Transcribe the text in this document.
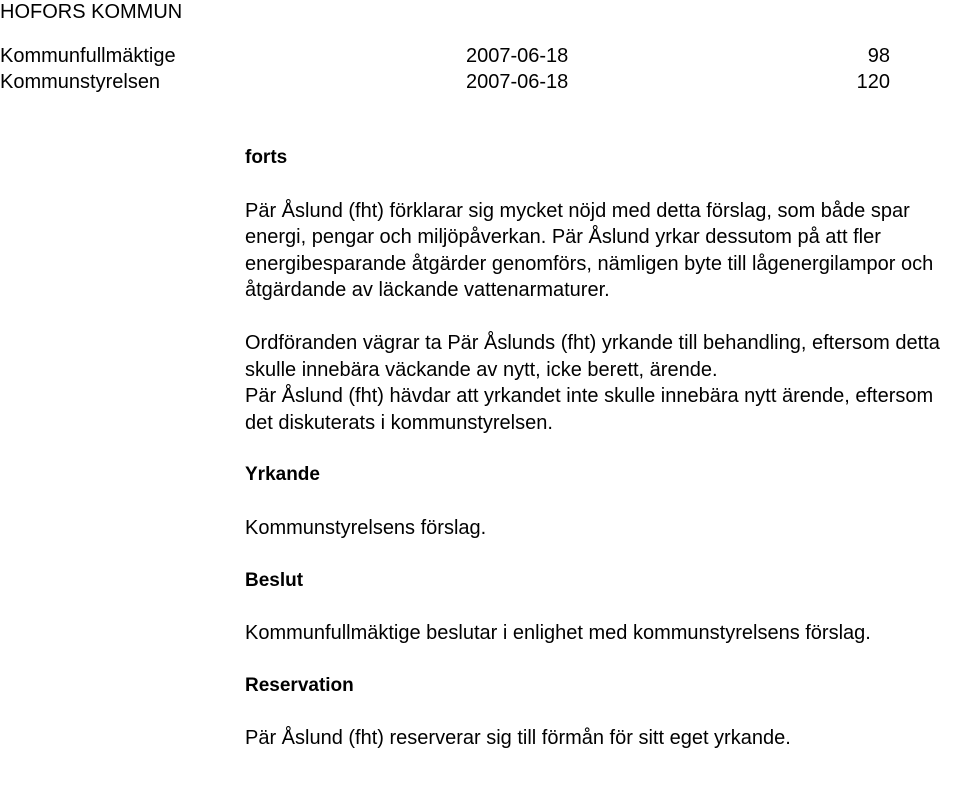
HOFORS KOMMUN
Kommunfullmäktige	2007-06-18	98
Kommunstyrelsen	2007-06-18	120
forts

Pär Åslund (fht) förklarar sig mycket nöjd med detta förslag, som både spar energi, pengar och miljöpåverkan. Pär Åslund yrkar dessutom på att fler energibesparande åtgärder genomförs, nämligen byte till lågenergilampor och åtgärdande av läckande vattenarmaturer.

Ordföranden vägrar ta Pär Åslunds (fht) yrkande till behandling, eftersom detta skulle innebära väckande av nytt, icke berett, ärende.

Pär Åslund (fht) hävdar att yrkandet inte skulle innebära nytt ärende, eftersom det diskuterats i kommunstyrelsen.

Yrkande

Kommunstyrelsens förslag.

Beslut

Kommunfullmäktige beslutar i enlighet med kommunstyrelsens förslag.

Reservation

Pär Åslund (fht) reserverar sig till förmån för sitt eget yrkande.
